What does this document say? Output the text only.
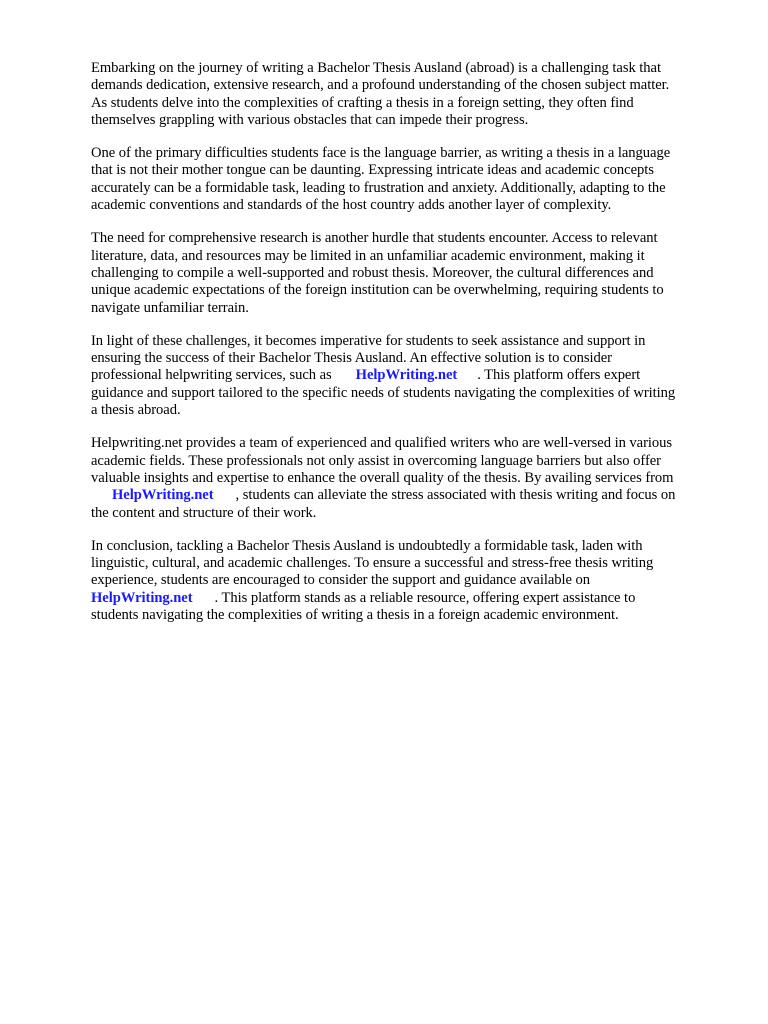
Embarking on the journey of writing a Bachelor Thesis Ausland (abroad) is a challenging task that
demands dedication, extensive research, and a profound understanding of the chosen subject matter.
As students delve into the complexities of crafting a thesis in a foreign setting, they often find
themselves grappling with various obstacles that can impede their progress.

One of the primary difficulties students face is the language barrier, as writing a thesis in a language
that is not their mother tongue can be daunting. Expressing intricate ideas and academic concepts
accurately can be a formidable task, leading to frustration and anxiety. Additionally, adapting to the
academic conventions and standards of the host country adds another layer of complexity.

The need for comprehensive research is another hurdle that students encounter. Access to relevant
literature, data, and resources may be limited in an unfamiliar academic environment, making it
challenging to compile a well-supported and robust thesis. Moreover, the cultural differences and
unique academic expectations of the foreign institution can be overwhelming, requiring students to
navigate unfamiliar terrain.

In light of these challenges, it becomes imperative for students to seek assistance and support in
ensuring the success of their Bachelor Thesis Ausland. An effective solution is to consider
professional helpwriting services, such as HelpWriting.net . This platform offers expert
guidance and support tailored to the specific needs of students navigating the complexities of writing
a thesis abroad.

Helpwriting.net provides a team of experienced and qualified writers who are well-versed in various
academic fields. These professionals not only assist in overcoming language barriers but also offer
valuable insights and expertise to enhance the overall quality of the thesis. By availing services from
HelpWriting.net , students can alleviate the stress associated with thesis writing and focus on
the content and structure of their work.

In conclusion, tackling a Bachelor Thesis Ausland is undoubtedly a formidable task, laden with
linguistic, cultural, and academic challenges. To ensure a successful and stress-free thesis writing
experience, students are encouraged to consider the support and guidance available on
HelpWriting.net . This platform stands as a reliable resource, offering expert assistance to
students navigating the complexities of writing a thesis in a foreign academic environment.
